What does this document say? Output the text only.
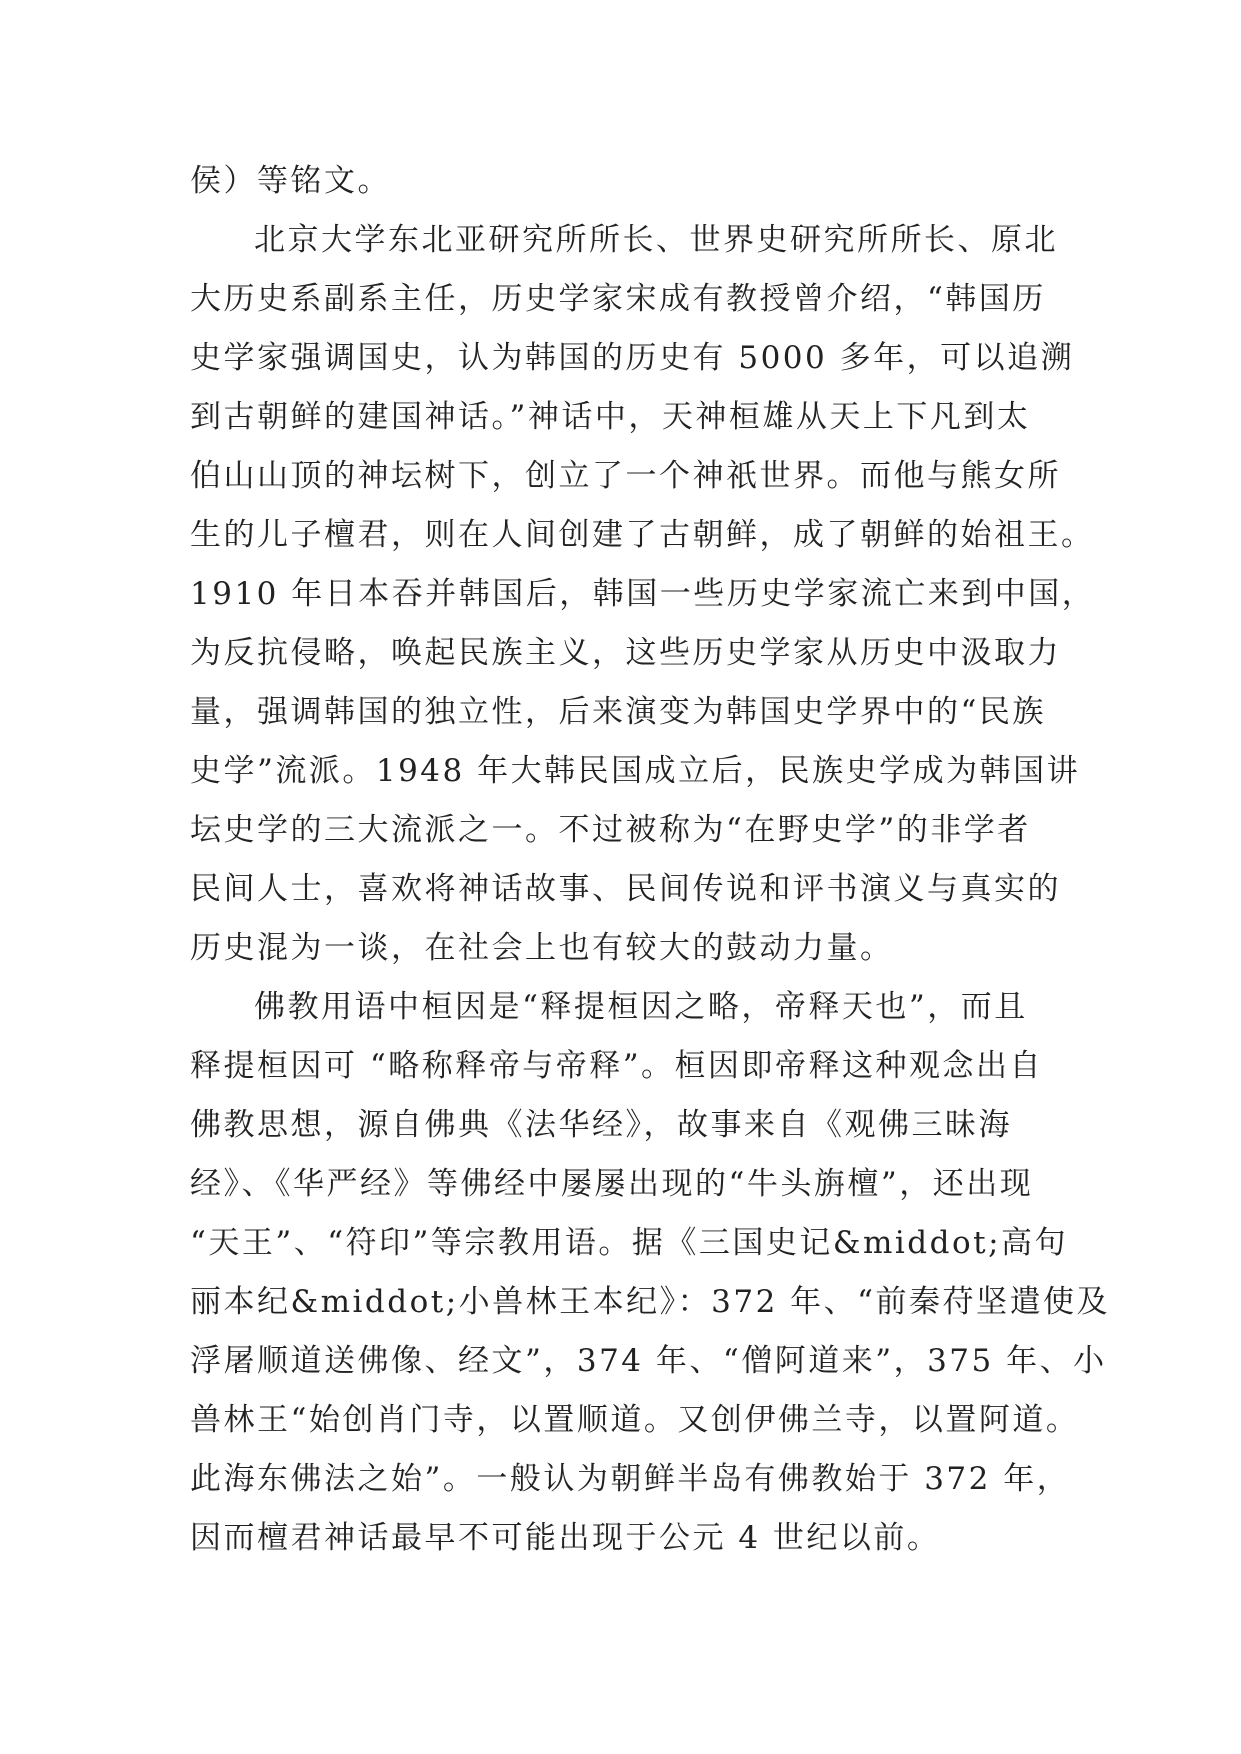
侯）等铭文。
北京大学东北亚研究所所长、世界史研究所所长、原北
大历史系副系主任，历史学家宋成有教授曾介绍，“韩国历
史学家强调国史，认为韩国的历史有 5000 多年，可以追溯
到古朝鲜的建国神话。”神话中，天神桓雄从天上下凡到太
伯山山顶的神坛树下，创立了一个神祇世界。而他与熊女所
生的儿子檀君，则在人间创建了古朝鲜，成了朝鲜的始祖王。
1910 年日本吞并韩国后，韩国一些历史学家流亡来到中国，
为反抗侵略，唤起民族主义，这些历史学家从历史中汲取力
量，强调韩国的独立性，后来演变为韩国史学界中的“民族
史学”流派。1948 年大韩民国成立后，民族史学成为韩国讲
坛史学的三大流派之一。不过被称为“在野史学”的非学者
民间人士，喜欢将神话故事、民间传说和评书演义与真实的
历史混为一谈，在社会上也有较大的鼓动力量。
佛教用语中桓因是“释提桓因之略，帝释天也”，而且
释提桓因可 “略称释帝与帝释”。桓因即帝释这种观念出自
佛教思想，源自佛典《法华经》，故事来自《观佛三昧海
经》、《华严经》等佛经中屡屡出现的“牛头旃檀”，还出现
“天王”、“符印”等宗教用语。据《三国史记&middot;高句
丽本纪&middot;小兽林王本纪》：372 年、“前秦苻坚遣使及
浮屠顺道送佛像、经文”，374 年、“僧阿道来”，375 年、小
兽林王“始创肖门寺，以置顺道。又创伊佛兰寺，以置阿道。
此海东佛法之始”。一般认为朝鲜半岛有佛教始于 372 年，
因而檀君神话最早不可能出现于公元 4 世纪以前。
